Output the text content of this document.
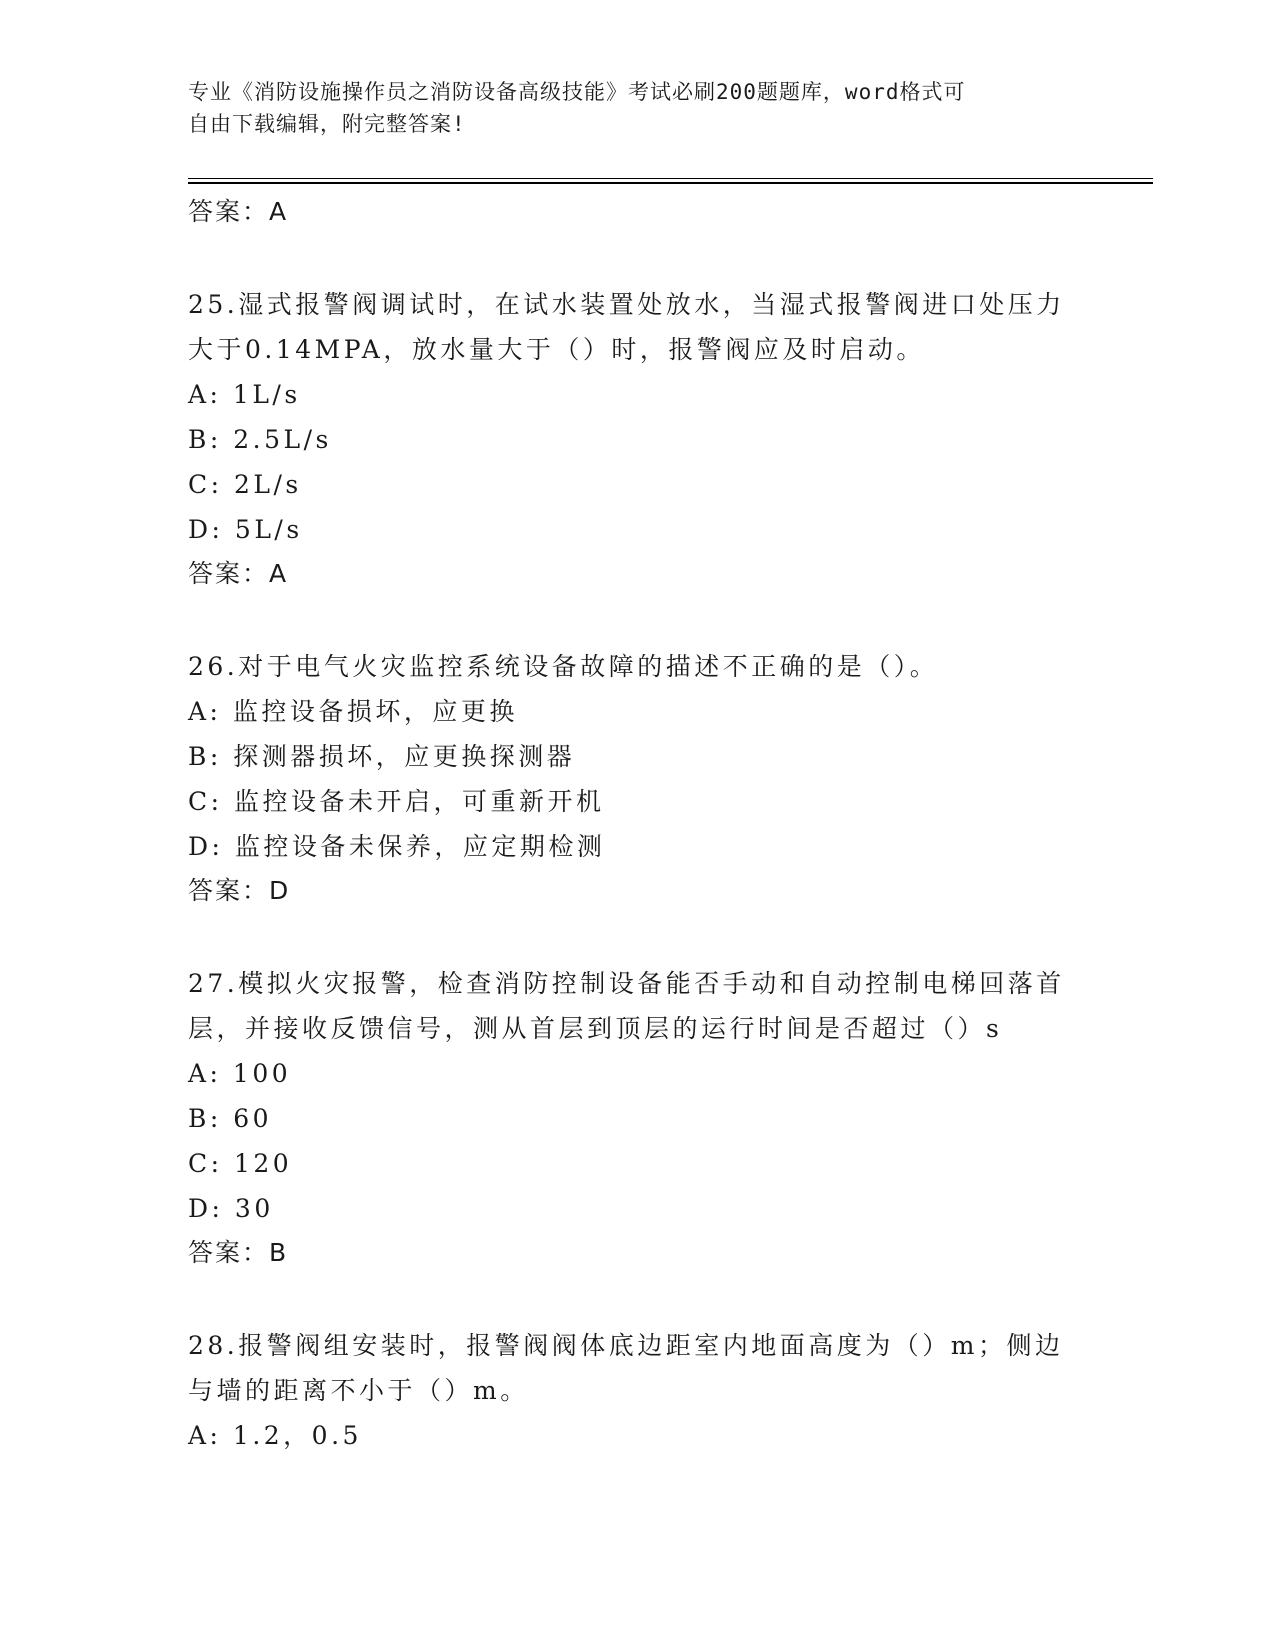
专业《消防设施操作员之消防设备高级技能》考试必刷200题题库，word格式可
自由下载编辑，附完整答案!
答案：A
25.湿式报警阀调试时，在试水装置处放水，当湿式报警阀进口处压力大于0.14MPA，放水量大于（）时，报警阀应及时启动。
A: 1L/s
B: 2.5L/s
C: 2L/s
D: 5L/s
答案：A
26.对于电气火灾监控系统设备故障的描述不正确的是（）。
A: 监控设备损坏，应更换
B: 探测器损坏，应更换探测器
C: 监控设备未开启，可重新开机
D: 监控设备未保养，应定期检测
答案：D
27.模拟火灾报警，检查消防控制设备能否手动和自动控制电梯回落首层，并接收反馈信号，测从首层到顶层的运行时间是否超过（）s
A: 100
B: 60
C: 120
D: 30
答案：B
28.报警阀组安装时，报警阀阀体底边距室内地面高度为（）m；侧边与墙的距离不小于（）m。
A: 1.2，0.5
